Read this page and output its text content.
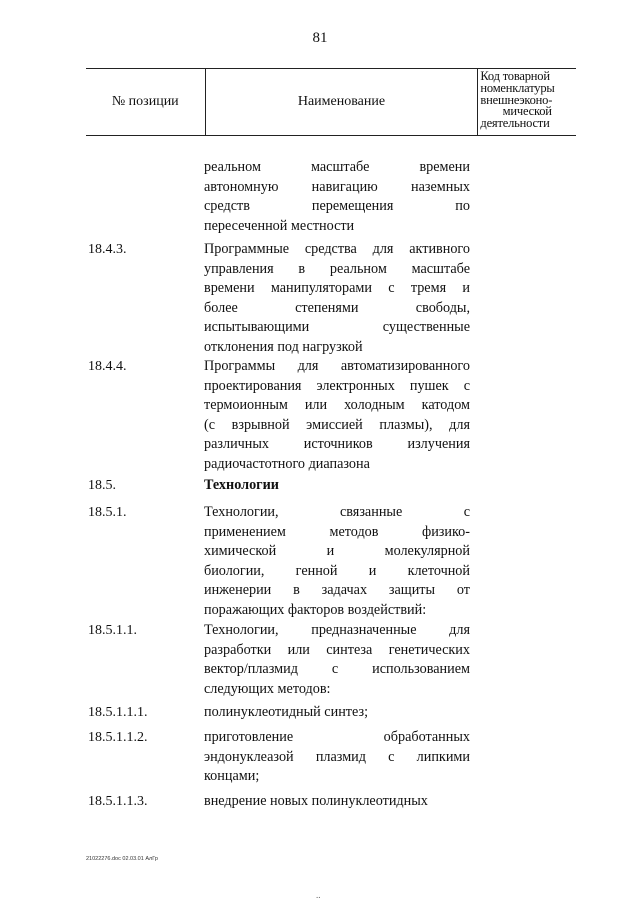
81
№ позиции	Наименование
Код товарной
номенклатуры
внешнеэконо-
мической
деятельности
реальном масштабе времени
автономную навигацию наземных
средств перемещения по
пересеченной местности
18.4.3.	Программные средства для активного
управления в реальном масштабе
времени манипуляторами с тремя и
более степенями свободы,
испытывающими существенные
отклонения под нагрузкой
18.4.4.	Программы для автоматизированного
проектирования электронных пушек с
термоионным или холодным катодом
(с взрывной эмиссией плазмы), для
различных источников излучения
радиочастотного диапазона
18.5.	Технологии
18.5.1.	Технологии, связанные с
применением методов физико-
химической и молекулярной
биологии, генной и клеточной
инженерии в задачах защиты от
поражающих факторов воздействий:
18.5.1.1.	Технологии, предназначенные для
разработки или синтеза генетических
вектор/плазмид с использованием
следующих методов:
18.5.1.1.1.	полинуклеотидный синтез;
18.5.1.1.2.	приготовление обработанных
эндонуклеазой плазмид с липкими
концами;
18.5.1.1.3.	внедрение новых полинуклеотидных
21022276.doc 02.03.01 АлГр
..
